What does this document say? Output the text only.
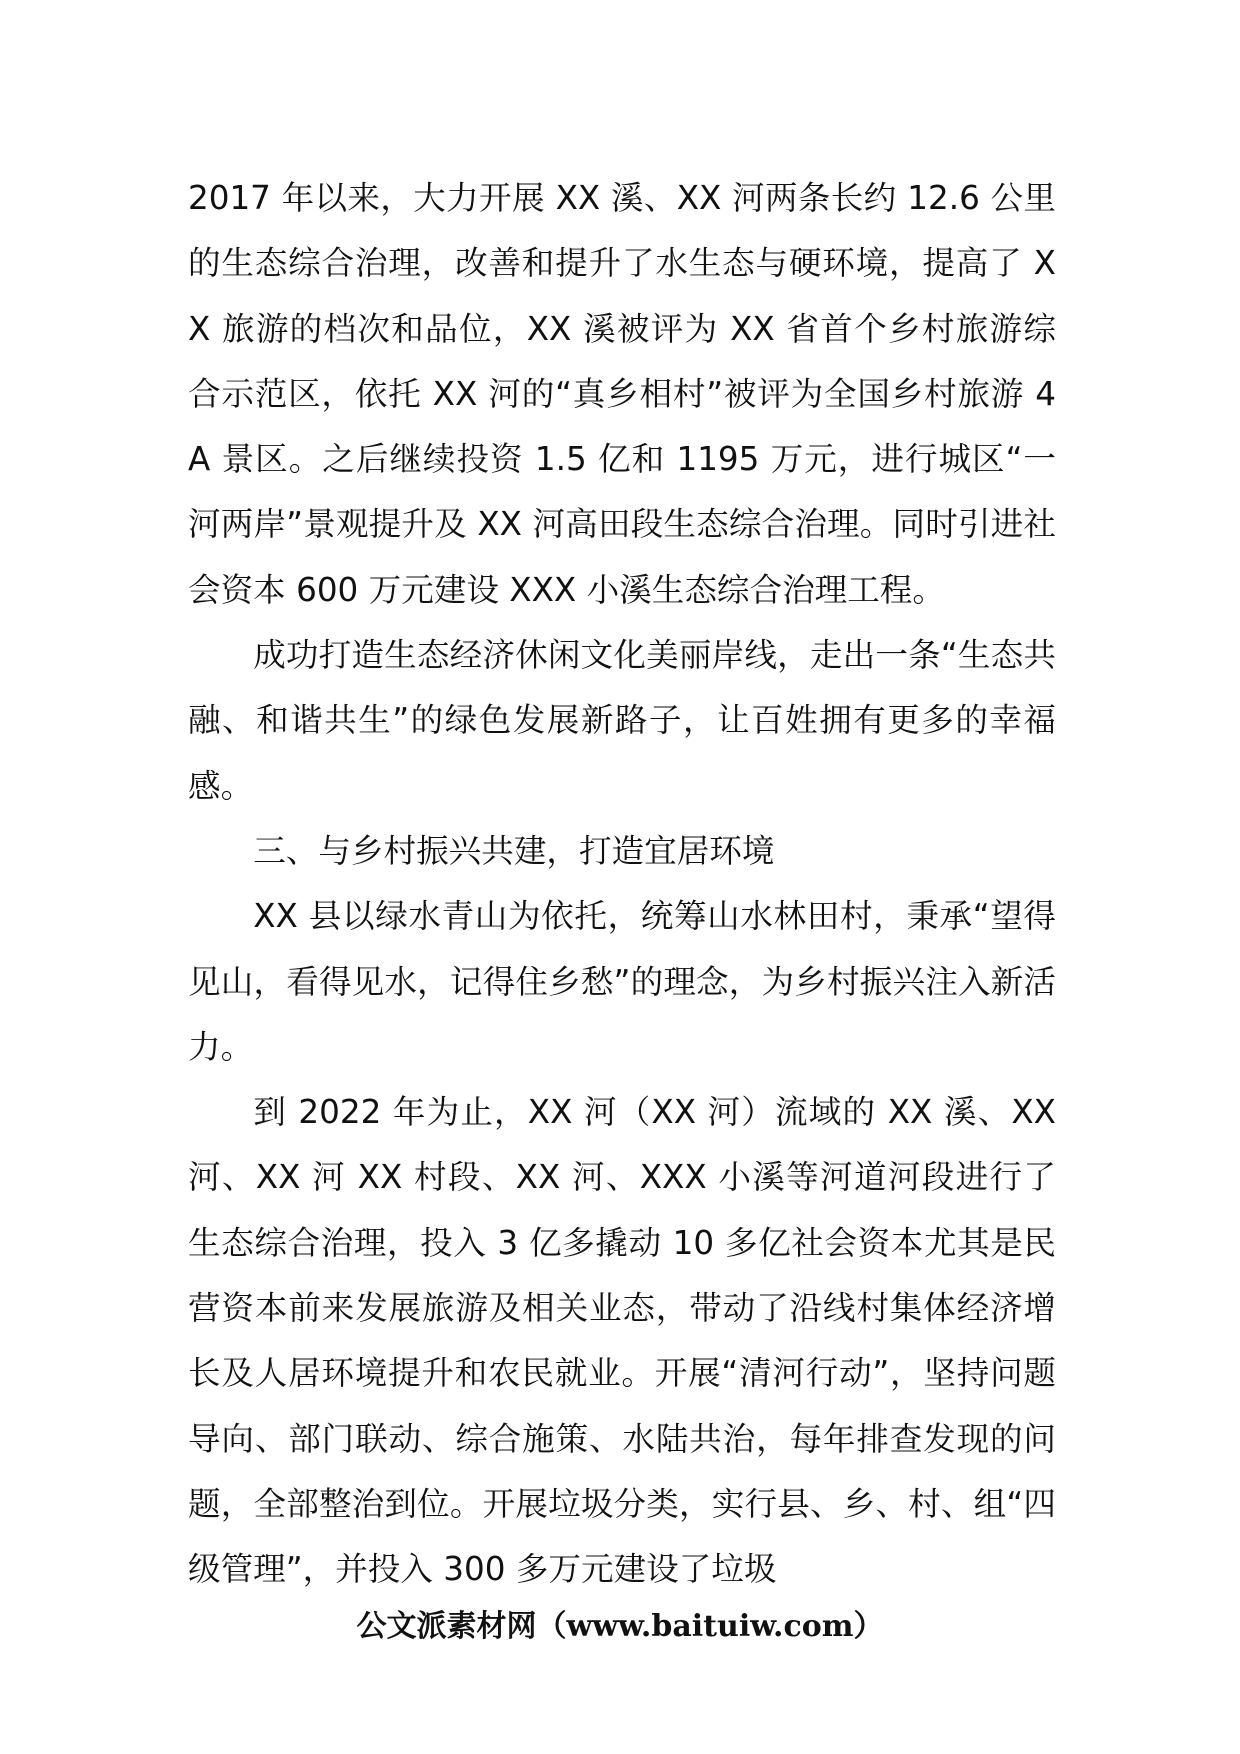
2017 年以来，大力开展 XX 溪、XX 河两条长约 12.6 公里的生态综合治理，改善和提升了水生态与硬环境，提高了 XX 旅游的档次和品位，XX 溪被评为 XX 省首个乡村旅游综合示范区，依托 XX 河的“真乡相村”被评为全国乡村旅游 4A 景区。之后继续投资 1.5 亿和 1195 万元，进行城区“一河两岸”景观提升及 XX 河高田段生态综合治理。同时引进社会资本 600 万元建设 XXX 小溪生态综合治理工程。

成功打造生态经济休闲文化美丽岸线，走出一条“生态共融、和谐共生”的绿色发展新路子，让百姓拥有更多的幸福感。

三、与乡村振兴共建，打造宜居环境

XX 县以绿水青山为依托，统筹山水林田村，秉承“望得见山，看得见水，记得住乡愁”的理念，为乡村振兴注入新活力。

到 2022 年为止，XX 河（XX 河）流域的 XX 溪、XX 河、XX 河 XX 村段、XX 河、XXX 小溪等河道河段进行了生态综合治理，投入 3 亿多撬动 10 多亿社会资本尤其是民营资本前来发展旅游及相关业态，带动了沿线村集体经济增长及人居环境提升和农民就业。开展“清河行动”，坚持问题导向、部门联动、综合施策、水陆共治，每年排查发现的问题，全部整治到位。开展垃圾分类，实行县、乡、村、组“四级管理”，并投入 300 多万元建设了垃圾

公文派素材网（www.baituiw.com）
